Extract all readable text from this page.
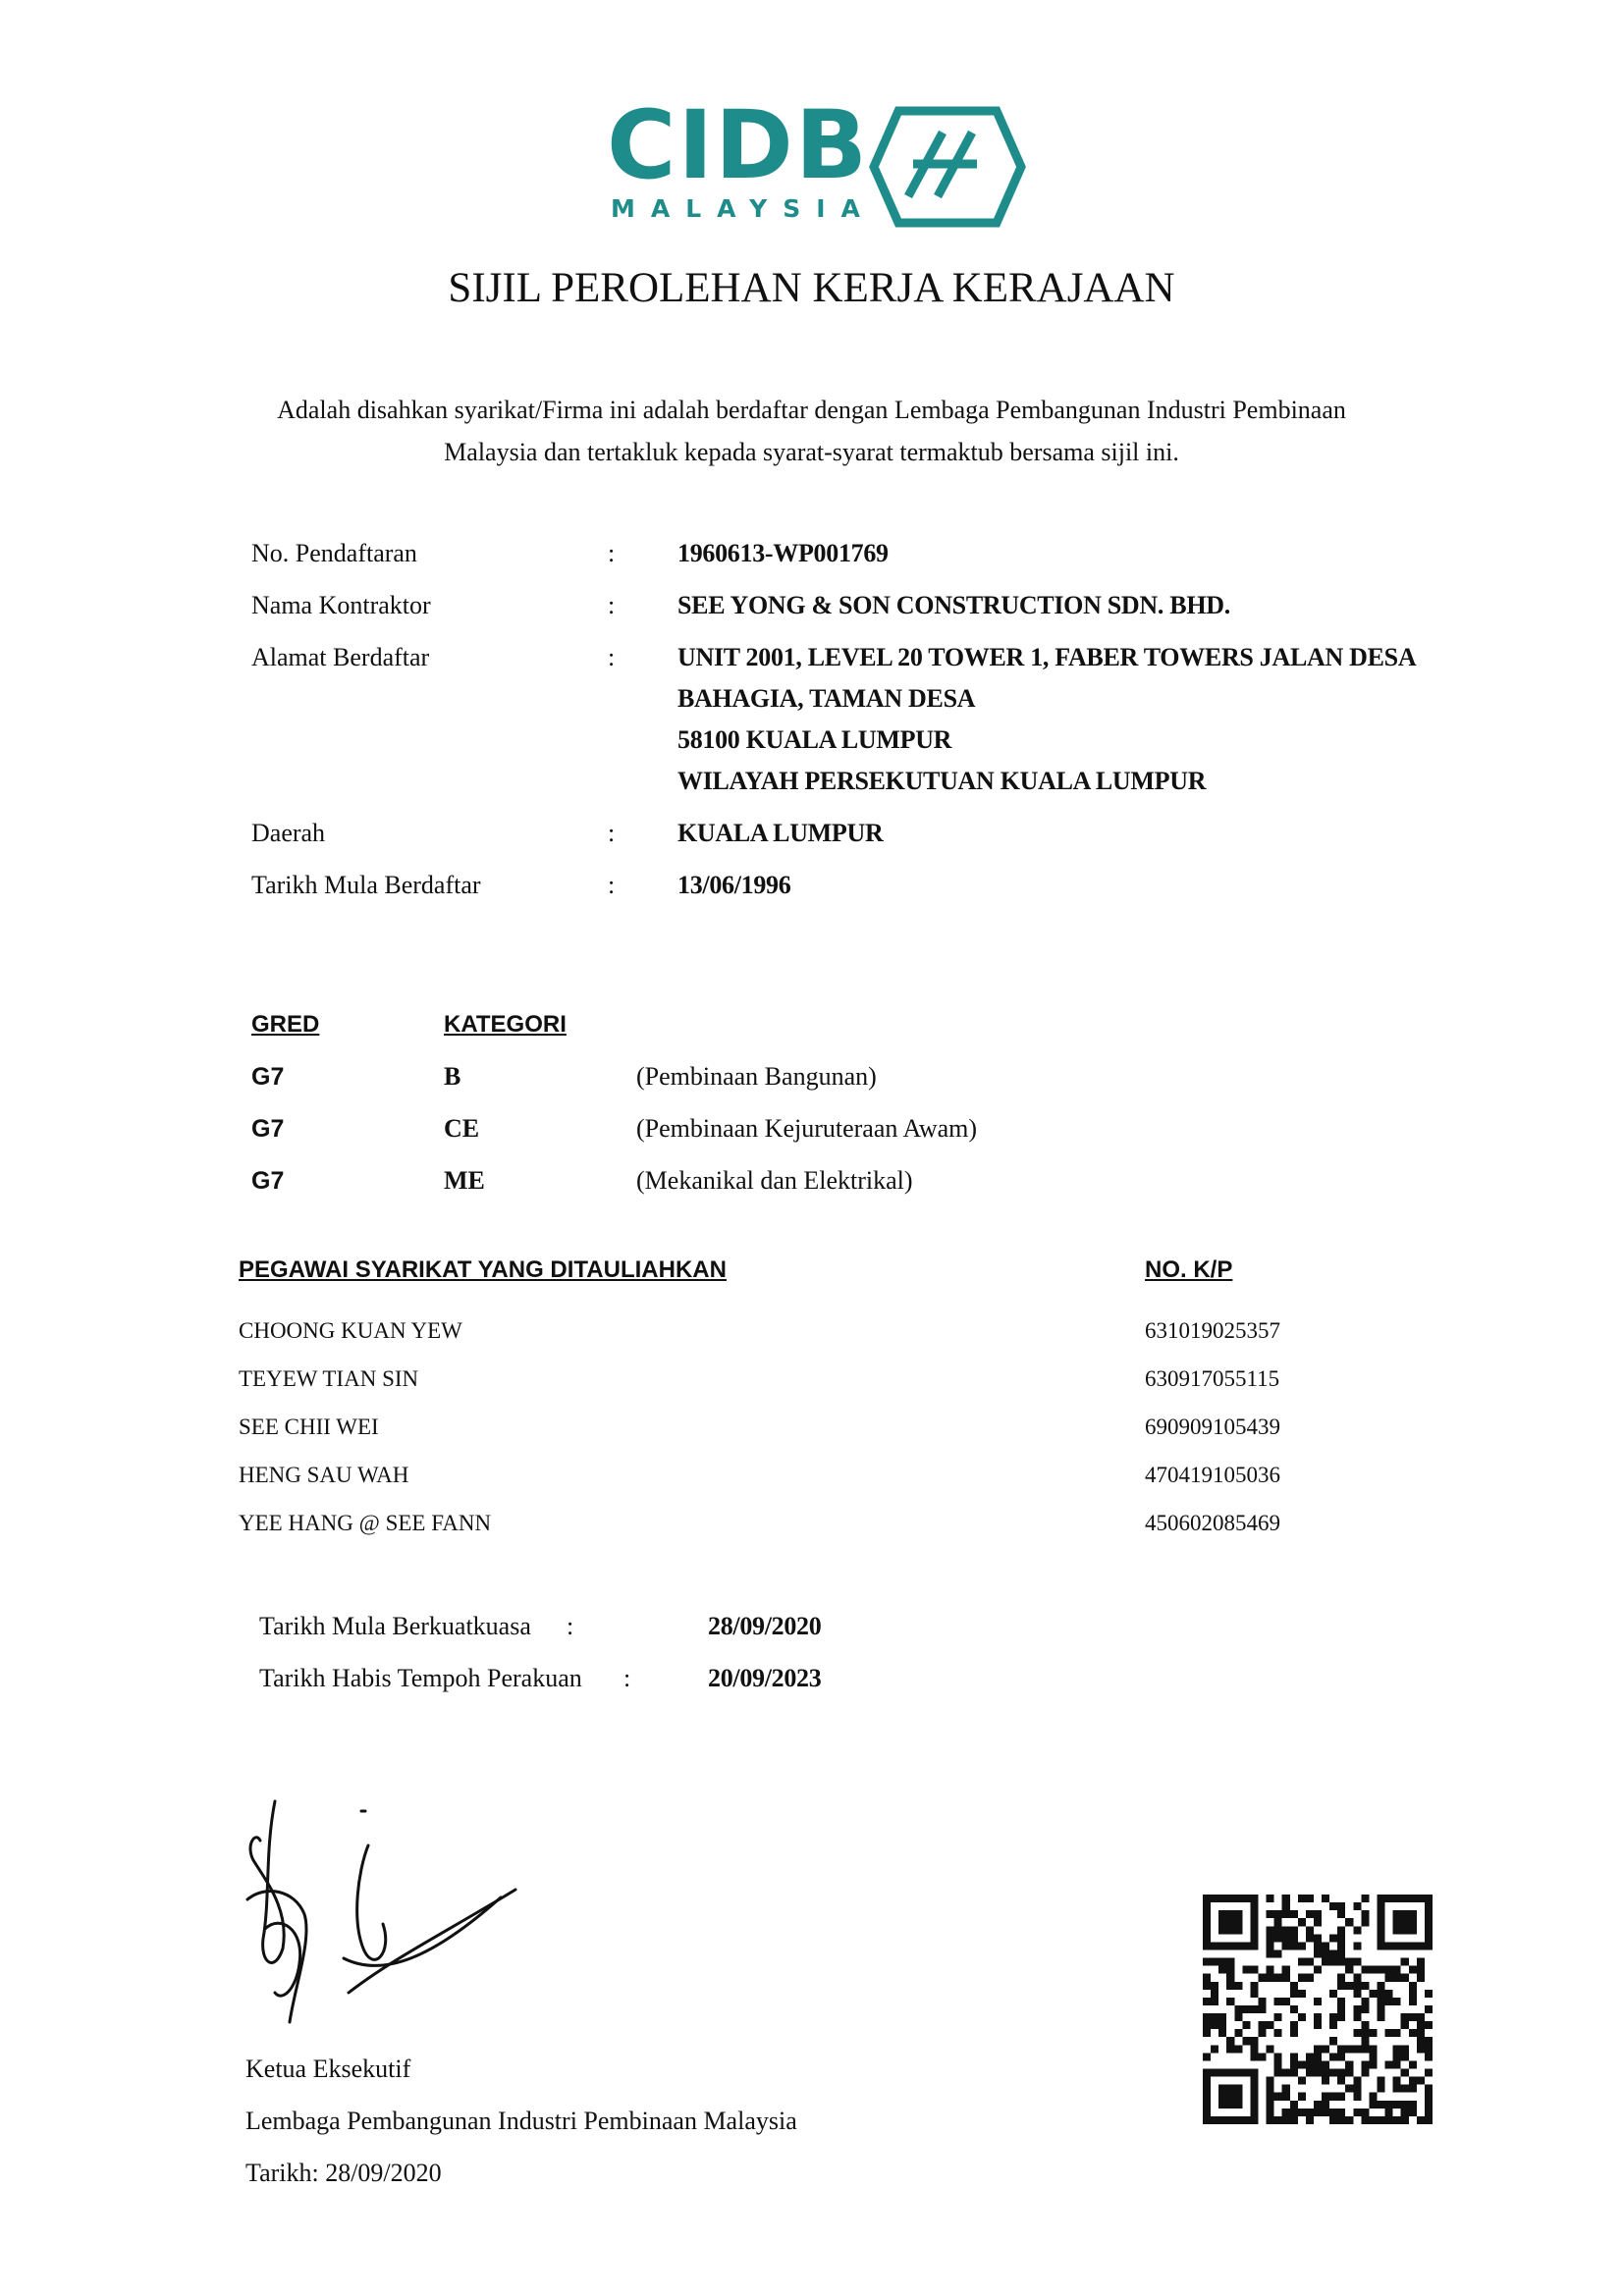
CIDB
MALAYSIA
SIJIL PEROLEHAN KERJA KERAJAAN
Adalah disahkan syarikat/Firma ini adalah berdaftar dengan Lembaga Pembangunan Industri Pembinaan
Malaysia dan tertakluk kepada syarat-syarat termaktub bersama sijil ini.
No. Pendaftaran	: 1960613-WP001769
Nama Kontraktor	: SEE YONG & SON CONSTRUCTION SDN. BHD.
Alamat Berdaftar	: UNIT 2001, LEVEL 20 TOWER 1, FABER TOWERS JALAN DESA
BAHAGIA, TAMAN DESA
58100 KUALA LUMPUR
WILAYAH PERSEKUTUAN KUALA LUMPUR
Daerah	: KUALA LUMPUR
Tarikh Mula Berdaftar	: 13/06/1996
GRED	KATEGORI
G7	B	(Pembinaan Bangunan)
G7	CE	(Pembinaan Kejuruteraan Awam)
G7	ME	(Mekanikal dan Elektrikal)
PEGAWAI SYARIKAT YANG DITAULIAHKAN	NO. K/P
CHOONG KUAN YEW	631019025357
TEYEW TIAN SIN	630917055115
SEE CHII WEI	690909105439
HENG SAU WAH	470419105036
YEE HANG @ SEE FANN	450602085469
Tarikh Mula Berkuatkuasa :	28/09/2020
Tarikh Habis Tempoh Perakuan :	20/09/2023
Ketua Eksekutif
Lembaga Pembangunan Industri Pembinaan Malaysia
Tarikh: 28/09/2020
